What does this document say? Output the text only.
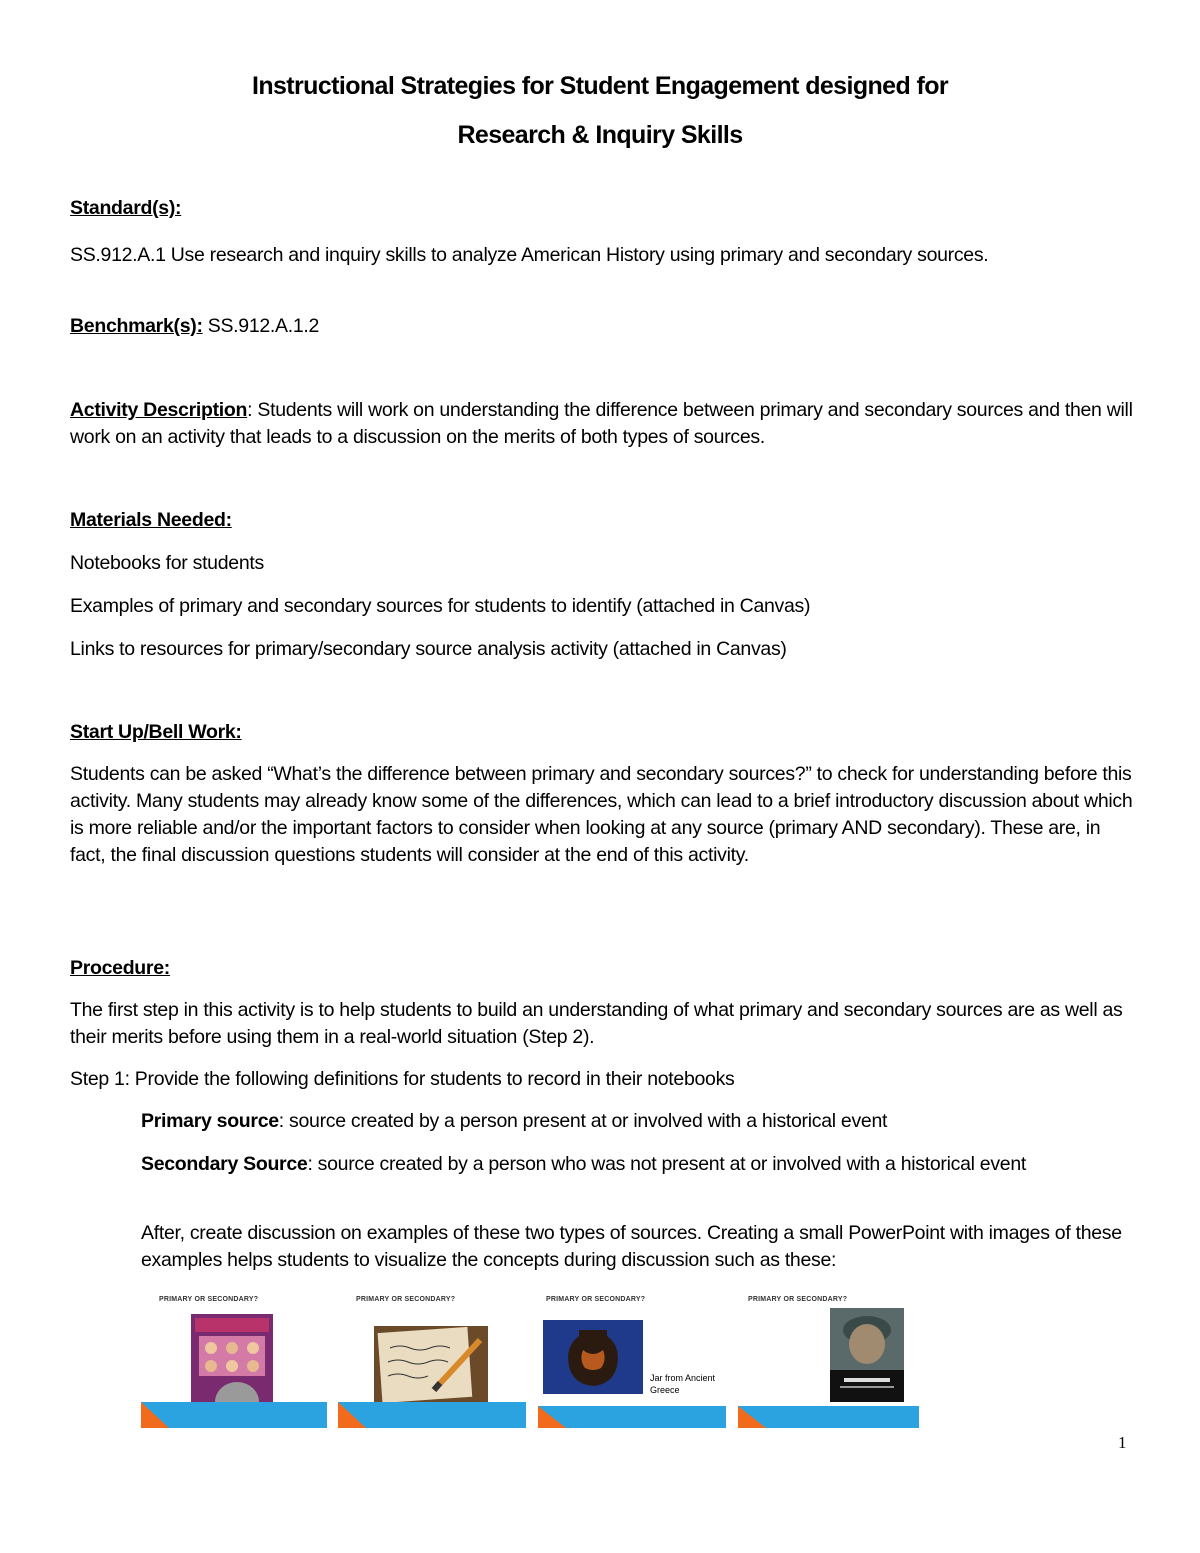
Instructional Strategies for Student Engagement designed for
Research & Inquiry Skills

Standard(s):

SS.912.A.1 Use research and inquiry skills to analyze American History using primary and secondary sources.

Benchmark(s): SS.912.A.1.2
Activity Description: Students will work on understanding the difference between primary and secondary sources and then will work on an activity that leads to a discussion on the merits of both types of sources.

Materials Needed:

Notebooks for students

Examples of primary and secondary sources for students to identify (attached in Canvas)

Links to resources for primary/secondary source analysis activity (attached in Canvas)

Start Up/Bell Work:

Students can be asked “What’s the difference between primary and secondary sources?” to check for understanding before this activity. Many students may already know some of the differences, which can lead to a brief introductory discussion about which is more reliable and/or the important factors to consider when looking at any source (primary AND secondary). These are, in fact, the final discussion questions students will consider at the end of this activity.

Procedure:

The first step in this activity is to help students to build an understanding of what primary and secondary sources are as well as their merits before using them in a real-world situation (Step 2).

Step 1: Provide the following definitions for students to record in their notebooks

Primary source: source created by a person present at or involved with a historical event
Secondary Source: source created by a person who was not present at or involved with a historical event
After, create discussion on examples of these two types of sources. Creating a small PowerPoint with images of these examples helps students to visualize the concepts during discussion such as these:
PRIMARY OR SECONDARY?	PRIMARY OR SECONDARY?	PRIMARY OR SECONDARY?
Jar from Ancient Greece
PRIMARY OR SECONDARY?
1
